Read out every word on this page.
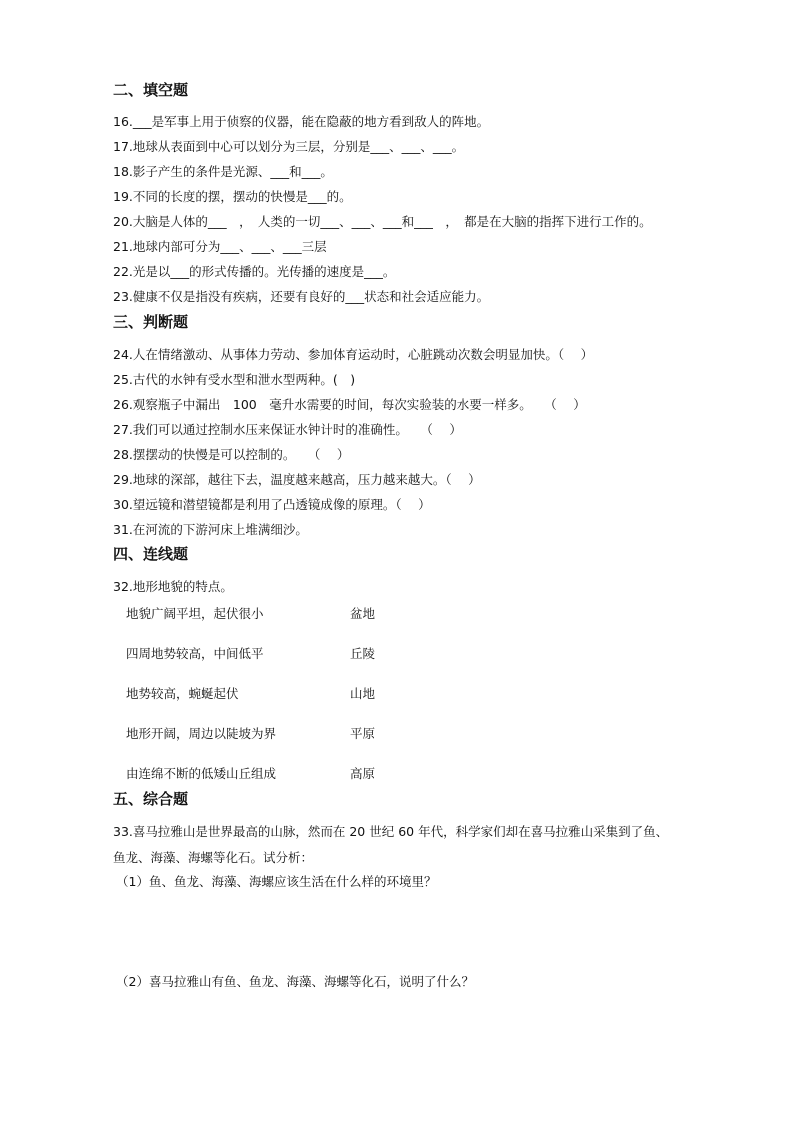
二、填空题
16.___是军事上用于侦察的仪器，能在隐蔽的地方看到敌人的阵地。
17.地球从表面到中心可以划分为三层，分别是___、___、___。
18.影子产生的条件是光源、___和___。
19.不同的长度的摆，摆动的快慢是___的。
20.大脑是人体的___　，　人类的一切___、___、___和___　，　都是在大脑的指挥下进行工作的。
21.地球内部可分为___、___、___三层
22.光是以___的形式传播的。光传播的速度是___。
23.健康不仅是指没有疾病，还要有良好的___状态和社会适应能力。
三、判断题
24.人在情绪激动、从事体力劳动、参加体育运动时，心脏跳动次数会明显加快。（　 ）
25.古代的水钟有受水型和泄水型两种。(　)
26.观察瓶子中漏出　100　毫升水需要的时间，每次实验装的水要一样多。　　（　 ）
27.我们可以通过控制水压来保证水钟计时的准确性。　　（　 ）
28.摆摆动的快慢是可以控制的。　　（　 ）
29.地球的深部，越往下去，温度越来越高，压力越来越大。（　 ）
30.望远镜和潜望镜都是利用了凸透镜成像的原理。（　 ）
31.在河流的下游河床上堆满细沙。
四、连线题
32.地形地貌的特点。
地貌广阔平坦，起伏很小	盆地
四周地势较高，中间低平	丘陵
地势较高，蜿蜒起伏	山地
地形开阔，周边以陡坡为界	平原
由连绵不断的低矮山丘组成	高原
五、综合题
33.喜马拉雅山是世界最高的山脉，然而在 20 世纪 60 年代，科学家们却在喜马拉雅山采集到了鱼、
鱼龙、海藻、海螺等化石。试分析：
（1）鱼、鱼龙、海藻、海螺应该生活在什么样的环境里？
（2）喜马拉雅山有鱼、鱼龙、海藻、海螺等化石，说明了什么？
